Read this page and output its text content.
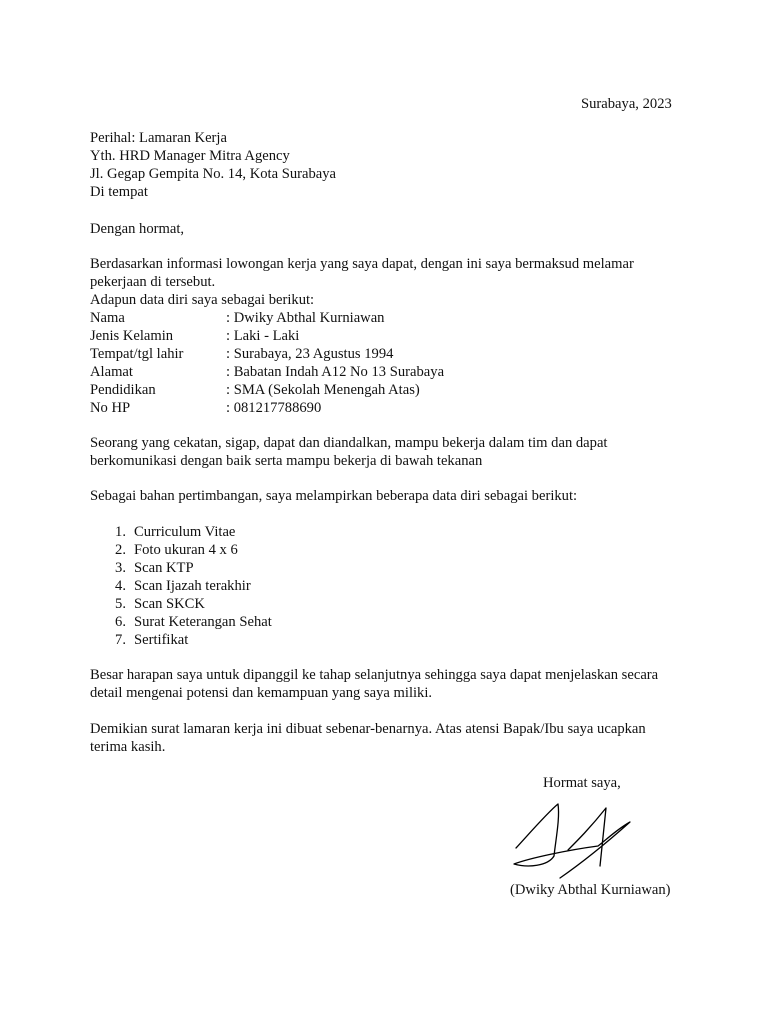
Surabaya, 2023
Perihal: Lamaran Kerja
Yth. HRD Manager Mitra Agency
Jl. Gegap Gempita No. 14, Kota Surabaya
Di tempat
Dengan hormat,
Berdasarkan informasi lowongan kerja yang saya dapat, dengan ini saya bermaksud melamar
pekerjaan di tersebut.
Adapun data diri saya sebagai berikut:
Nama	: Dwiky Abthal Kurniawan
Jenis Kelamin	: Laki - Laki
Tempat/tgl lahir	: Surabaya, 23 Agustus 1994
Alamat	: Babatan Indah A12 No 13 Surabaya
Pendidikan	: SMA (Sekolah Menengah Atas)
No HP	: 081217788690
Seorang yang cekatan, sigap, dapat dan diandalkan, mampu bekerja dalam tim dan dapat
berkomunikasi dengan baik serta mampu bekerja di bawah tekanan
Sebagai bahan pertimbangan, saya melampirkan beberapa data diri sebagai berikut:
1 . Curriculum Vitae
2 . Foto ukuran 4 x 6
3 . Scan KTP
4 . Scan Ijazah terakhir
5 . Scan SKCK
6 . Surat Keterangan Sehat
7 . Sertifikat
Besar harapan saya untuk dipanggil ke tahap selanjutnya sehingga saya dapat menjelaskan secara
detail mengenai potensi dan kemampuan yang saya miliki.
Demikian surat lamaran kerja ini dibuat sebenar-benarnya. Atas atensi Bapak/Ibu saya ucapkan
terima kasih.
Hormat saya,
(Dwiky Abthal Kurniawan)
